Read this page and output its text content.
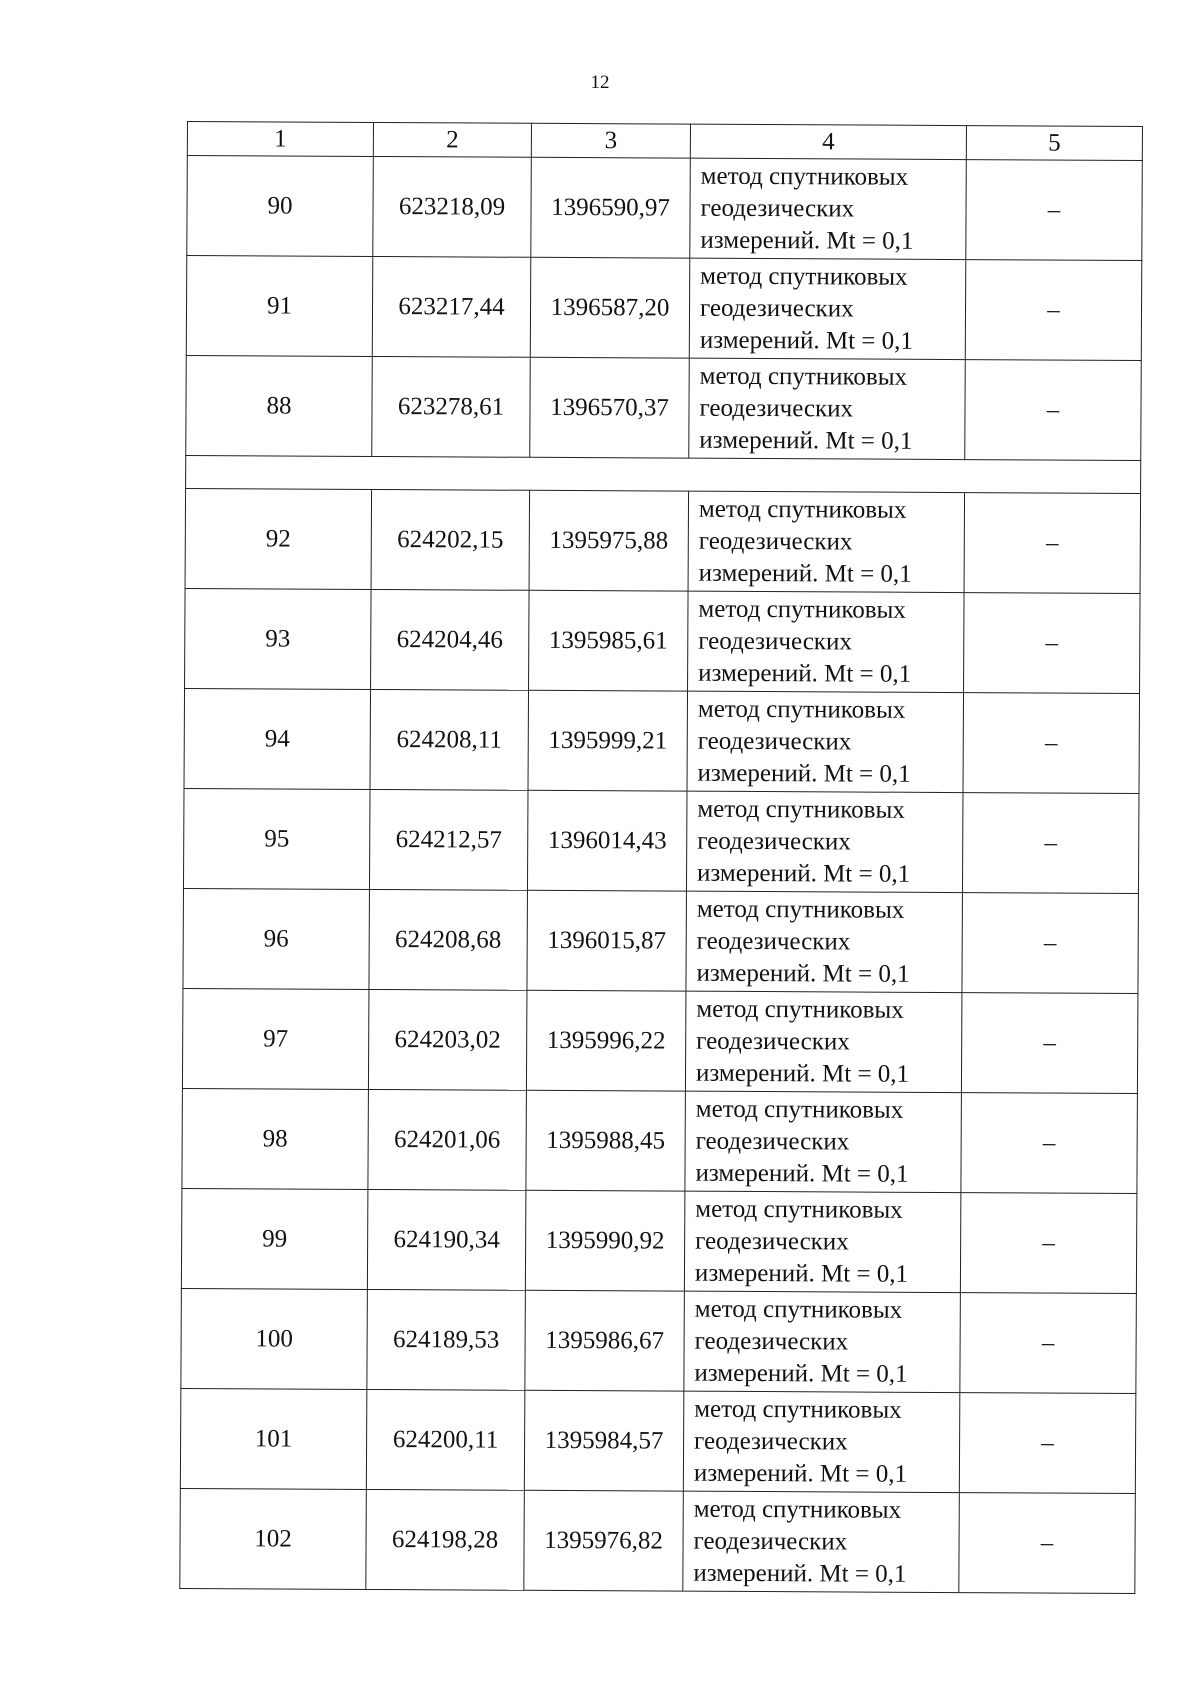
12
1	2	3	4	5
90	623218,09	1396590,97	метод спутниковых
геодезических
измерений. Mt = 0,1	–
91	623217,44	1396587,20	метод спутниковых
геодезических
измерений. Mt = 0,1	–
88	623278,61	1396570,37	метод спутниковых
геодезических
измерений. Mt = 0,1	–

92	624202,15	1395975,88	метод спутниковых
геодезических
измерений. Mt = 0,1	–
93	624204,46	1395985,61	метод спутниковых
геодезических
измерений. Mt = 0,1	–
94	624208,11	1395999,21	метод спутниковых
геодезических
измерений. Mt = 0,1	–
95	624212,57	1396014,43	метод спутниковых
геодезических
измерений. Mt = 0,1	–
96	624208,68	1396015,87	метод спутниковых
геодезических
измерений. Mt = 0,1	–
97	624203,02	1395996,22	метод спутниковых
геодезических
измерений. Mt = 0,1	–
98	624201,06	1395988,45	метод спутниковых
геодезических
измерений. Mt = 0,1	–
99	624190,34	1395990,92	метод спутниковых
геодезических
измерений. Mt = 0,1	–
100	624189,53	1395986,67	метод спутниковых
геодезических
измерений. Mt = 0,1	–
101	624200,11	1395984,57	метод спутниковых
геодезических
измерений. Mt = 0,1	–
102	624198,28	1395976,82	метод спутниковых
геодезических
измерений. Mt = 0,1	–
